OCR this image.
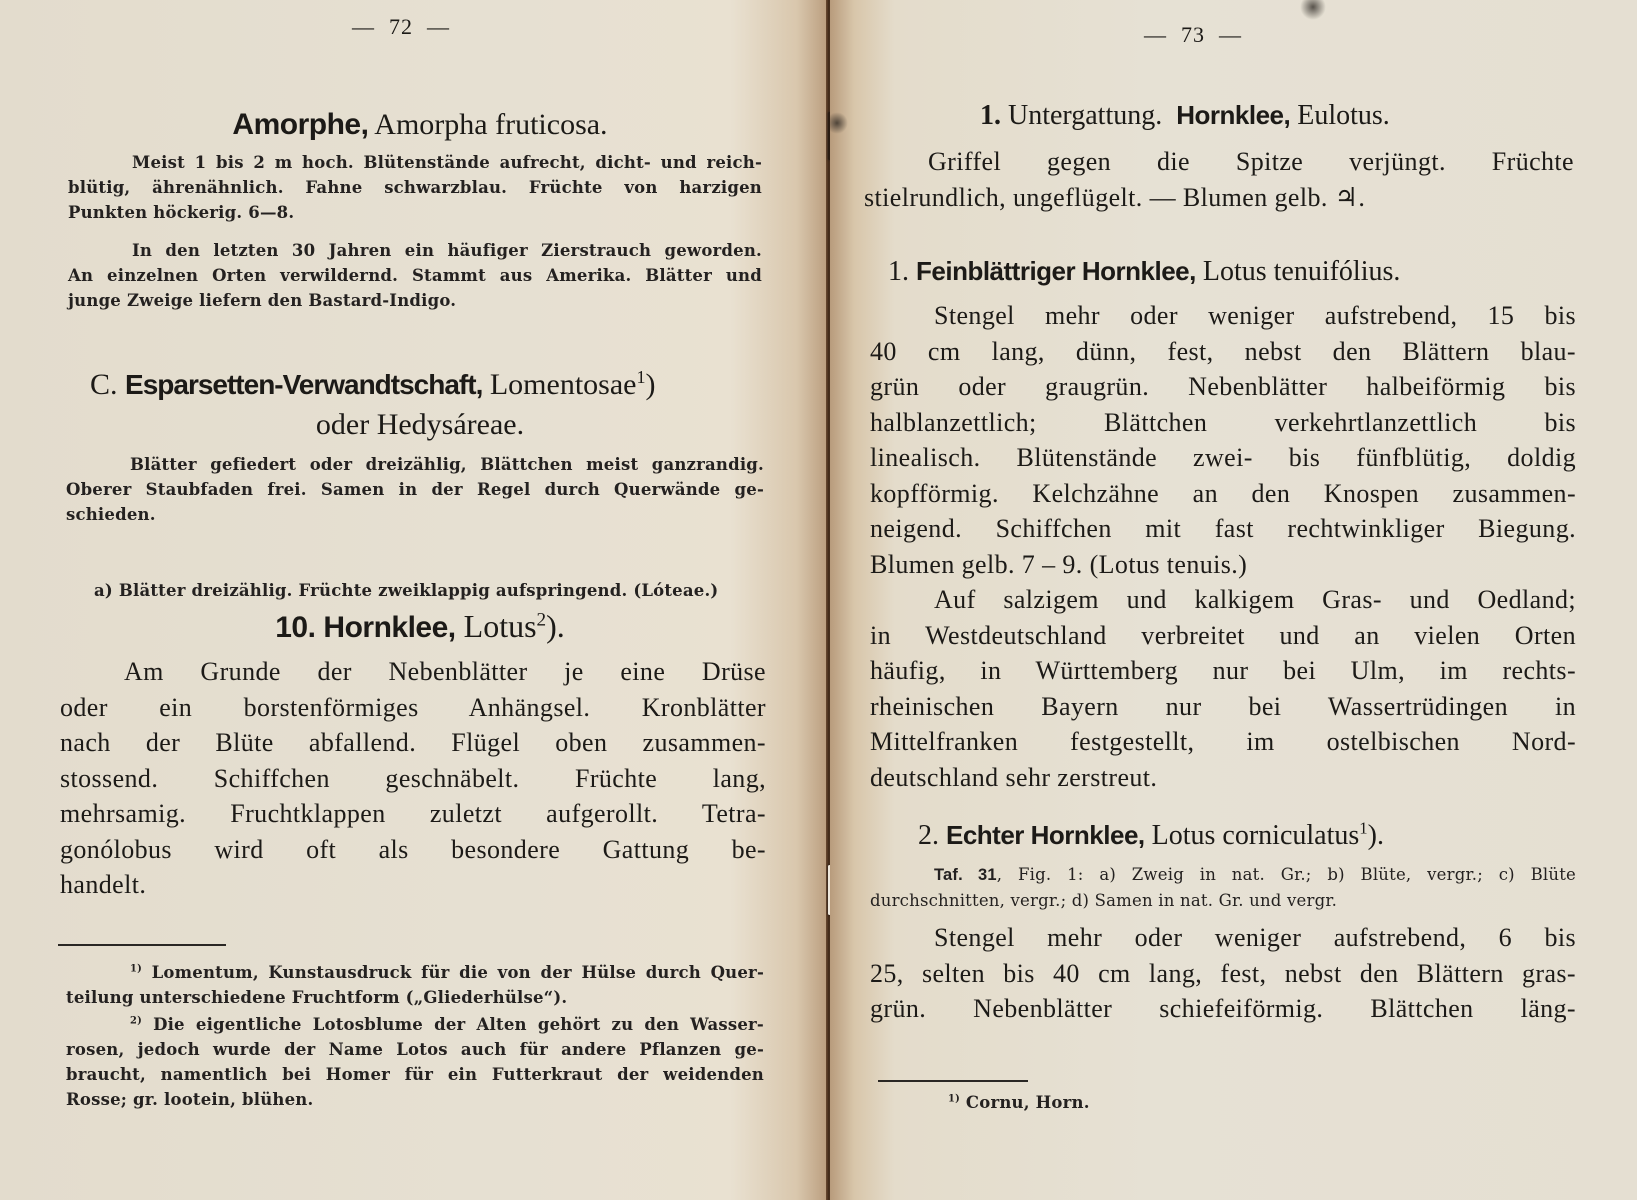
— 72 —
Amorphe, Amorpha fruticosa.
Meist 1 bis 2 m hoch. Blütenstände aufrecht, dicht- und reich-
blütig, ährenähnlich. Fahne schwarzblau. Früchte von harzigen
Punkten höckerig. 6—8.
In den letzten 30 Jahren ein häufiger Zierstrauch geworden.
An einzelnen Orten verwildernd. Stammt aus Amerika. Blätter und
junge Zweige liefern den Bastard-Indigo.
C. Esparsetten-Verwandtschaft, Lomentosae$^1$)
oder Hedysáreae.
Blätter gefiedert oder dreizählig, Blättchen meist ganzrandig.
Oberer Staubfaden frei. Samen in der Regel durch Querwände ge-
schieden.
a) Blätter dreizählig. Früchte zweiklappig aufspringend. (Lóteae.)
10. Hornklee, Lotus$^2$).
Am Grunde der Nebenblätter je eine Drüse
oder ein borstenförmiges Anhängsel. Kronblätter
nach der Blüte abfallend. Flügel oben zusammen-
stossend. Schiffchen geschnäbelt. Früchte lang,
mehrsamig. Fruchtklappen zuletzt aufgerollt. Tetra-
gonólobus wird oft als besondere Gattung be-
handelt.
$^{1)}$ Lomentum, Kunstausdruck für die von der Hülse durch Quer-
teilung unterschiedene Fruchtform („Gliederhülse“).
$^{2)}$ Die eigentliche Lotosblume der Alten gehört zu den Wasser-
rosen, jedoch wurde der Name Lotos auch für andere Pflanzen ge-
braucht, namentlich bei Homer für ein Futterkraut der weidenden
Rosse; gr. lootein, blühen.
— 73 —
1. Untergattung. Hornklee, Eulotus.
Griffel gegen die Spitze verjüngt. Früchte
stielrundlich, ungeflügelt. — Blumen gelb. ♃.
1. Feinblättriger Hornklee, Lotus tenuifólius.
Stengel mehr oder weniger aufstrebend, 15 bis
40 cm lang, dünn, fest, nebst den Blättern blau-
grün oder graugrün. Nebenblätter halbeiförmig bis
halblanzettlich; Blättchen verkehrtlanzettlich bis
linealisch. Blütenstände zwei- bis fünfblütig, doldig
kopfförmig. Kelchzähne an den Knospen zusammen-
neigend. Schiffchen mit fast rechtwinkliger Biegung.
Blumen gelb. 7 – 9. (Lotus tenuis.)
Auf salzigem und kalkigem Gras- und Oedland;
in Westdeutschland verbreitet und an vielen Orten
häufig, in Württemberg nur bei Ulm, im rechts-
rheinischen Bayern nur bei Wassertrüdingen in
Mittelfranken festgestellt, im ostelbischen Nord-
deutschland sehr zerstreut.
2. Echter Hornklee, Lotus corniculatus$^1$).
Taf. 31, Fig. 1: a) Zweig in nat. Gr.; b) Blüte, vergr.; c) Blüte
durchschnitten, vergr.; d) Samen in nat. Gr. und vergr.
Stengel mehr oder weniger aufstrebend, 6 bis
25, selten bis 40 cm lang, fest, nebst den Blättern gras-
grün. Nebenblätter schiefeiförmig. Blättchen läng-
$^{1)}$ Cornu, Horn.
